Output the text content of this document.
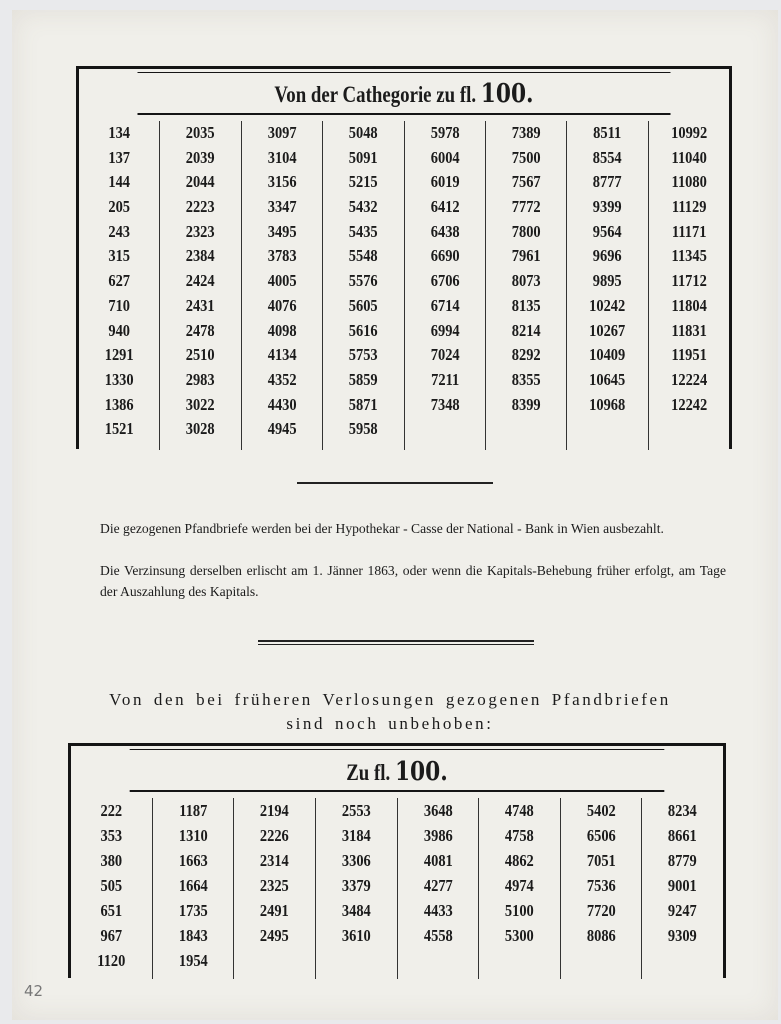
Von der Cathegorie zu fl. 100.
134
137
144
205
243
315
627
710
940
1291
1330
1386
1521
2035
2039
2044
2223
2323
2384
2424
2431
2478
2510
2983
3022
3028
3097
3104
3156
3347
3495
3783
4005
4076
4098
4134
4352
4430
4945
5048
5091
5215
5432
5435
5548
5576
5605
5616
5753
5859
5871
5958
5978
6004
6019
6412
6438
6690
6706
6714
6994
7024
7211
7348
7389
7500
7567
7772
7800
7961
8073
8135
8214
8292
8355
8399
8511
8554
8777
9399
9564
9696
9895
10242
10267
10409
10645
10968
10992
11040
11080
11129
11171
11345
11712
11804
11831
11951
12224
12242
Die gezogenen Pfandbriefe werden bei der Hypothekar - Casse der National - Bank in Wien ausbezahlt.
Die Verzinsung derselben erlischt am 1. Jänner 1863, oder wenn die Kapitals-Behebung früher erfolgt, am Tage der Auszahlung des Kapitals.
Von den bei früheren Verlosungen gezogenen Pfandbriefen
sind noch unbehoben:
Zu fl. 100.
222
353
380
505
651
967
1120
1187
1310
1663
1664
1735
1843
1954
2194
2226
2314
2325
2491
2495
2553
3184
3306
3379
3484
3610
3648
3986
4081
4277
4433
4558
4748
4758
4862
4974
5100
5300
5402
6506
7051
7536
7720
8086
8234
8661
8779
9001
9247
9309
42
